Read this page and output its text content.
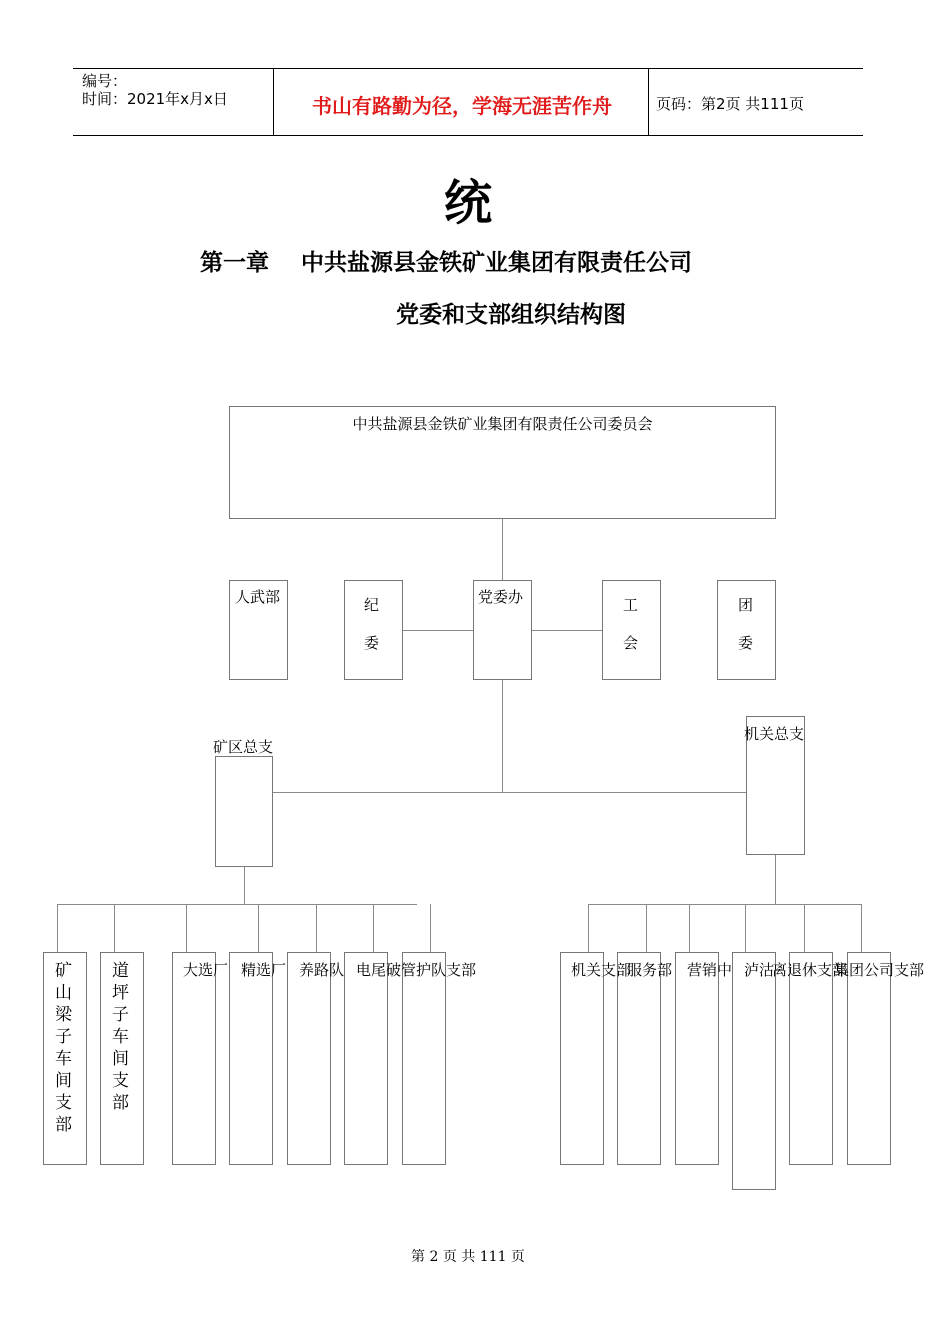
编号：
时间：2021年x月x日	书山有路勤为径，学海无涯苦作舟	页码：第2页 共111页
统
第一章    中共盐源县金铁矿业集团有限责任公司
党委和支部组织结构图
中共盐源县金铁矿业集团有限责任公司委员会
人武部	纪委
党委办	工会
团委
矿区总支
机关总支
矿山梁子车间支部
道坪子车间支部
大选厂 精选厂 养路队 电尾 破管护队支部	机关支部
服务部 营销中 泸沽
离退休支部
集团公司支部
第 2 页 共 111 页
